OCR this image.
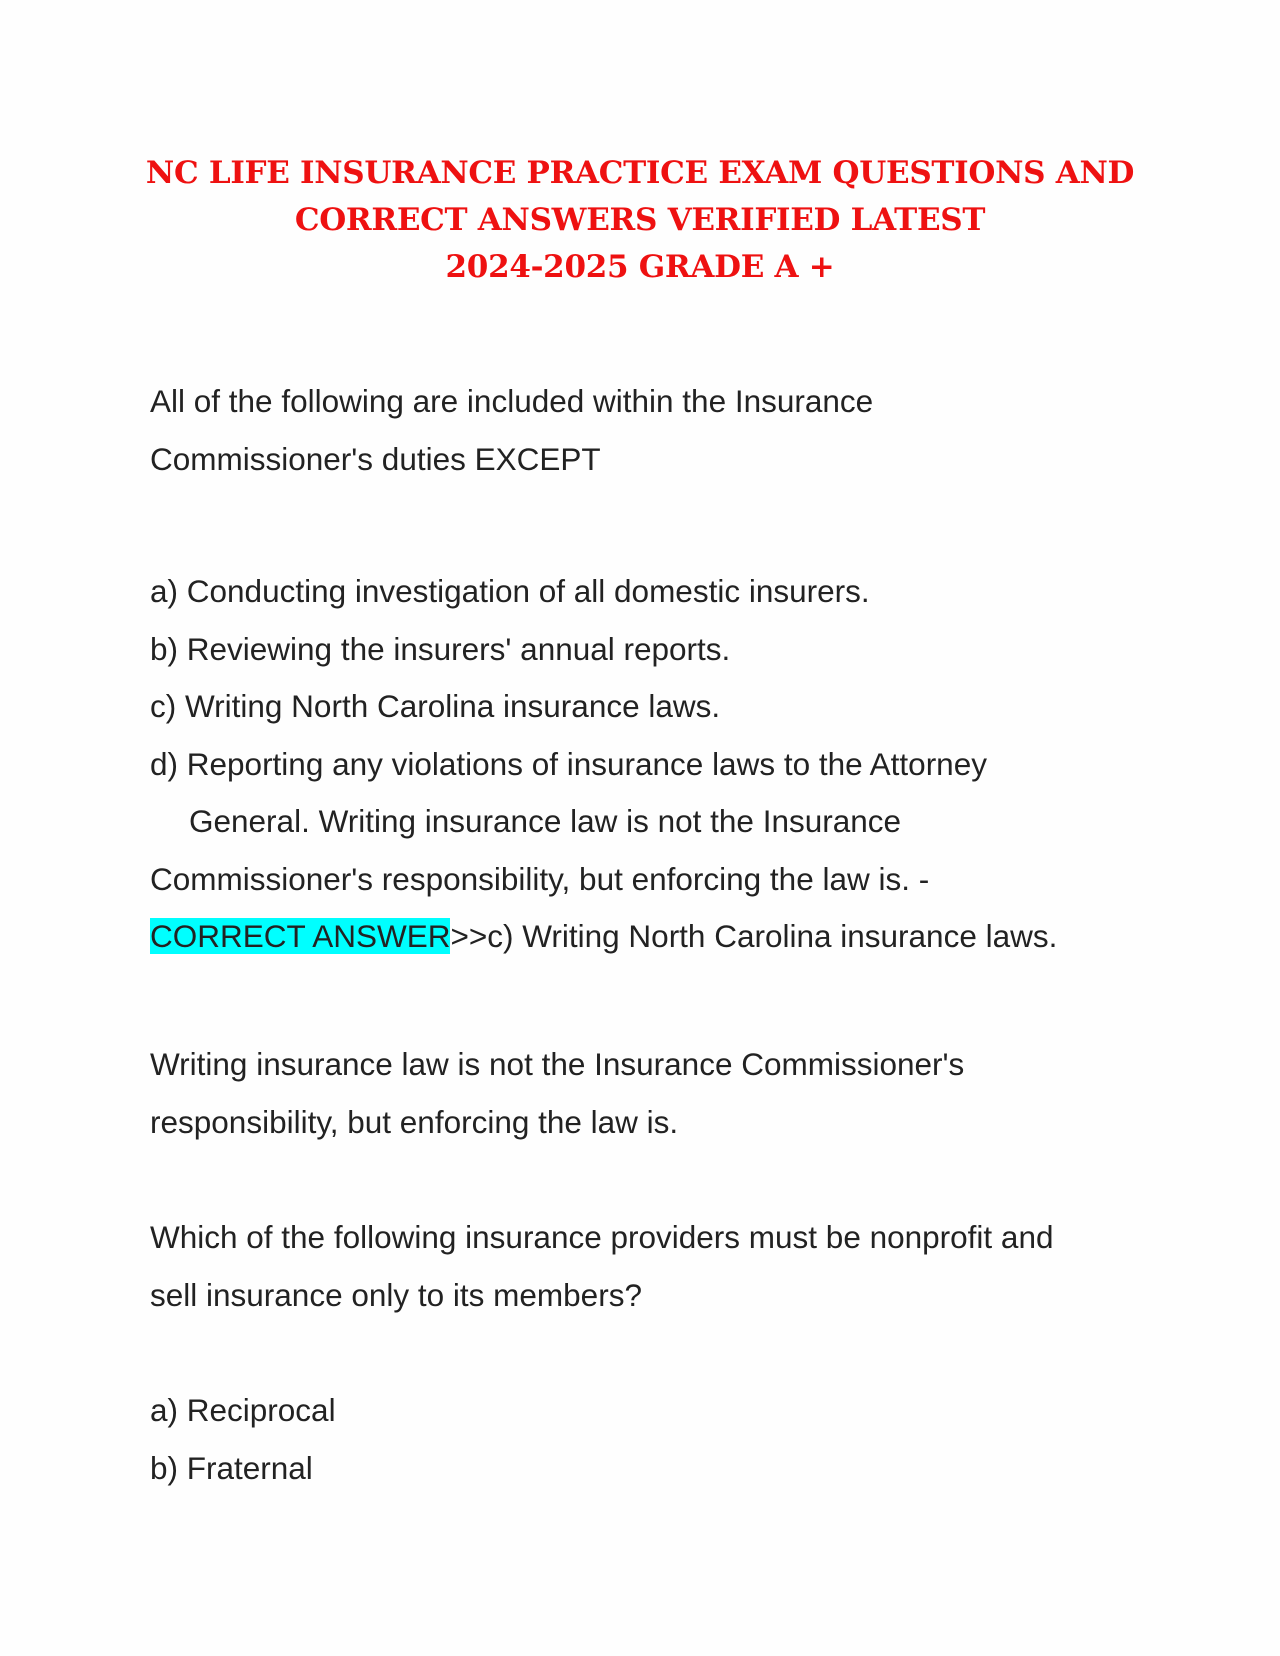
NC LIFE INSURANCE PRACTICE EXAM QUESTIONS AND
CORRECT ANSWERS VERIFIED LATEST
2024-2025 GRADE A +
All of the following are included within the Insurance
Commissioner's duties EXCEPT
a) Conducting investigation of all domestic insurers.
b) Reviewing the insurers' annual reports.
c) Writing North Carolina insurance laws.
d) Reporting any violations of insurance laws to the Attorney
General. Writing insurance law is not the Insurance
Commissioner's responsibility, but enforcing the law is. -
CORRECT ANSWER>>c) Writing North Carolina insurance laws.
Writing insurance law is not the Insurance Commissioner's
responsibility, but enforcing the law is.
Which of the following insurance providers must be nonprofit and
sell insurance only to its members?
a) Reciprocal
b) Fraternal
